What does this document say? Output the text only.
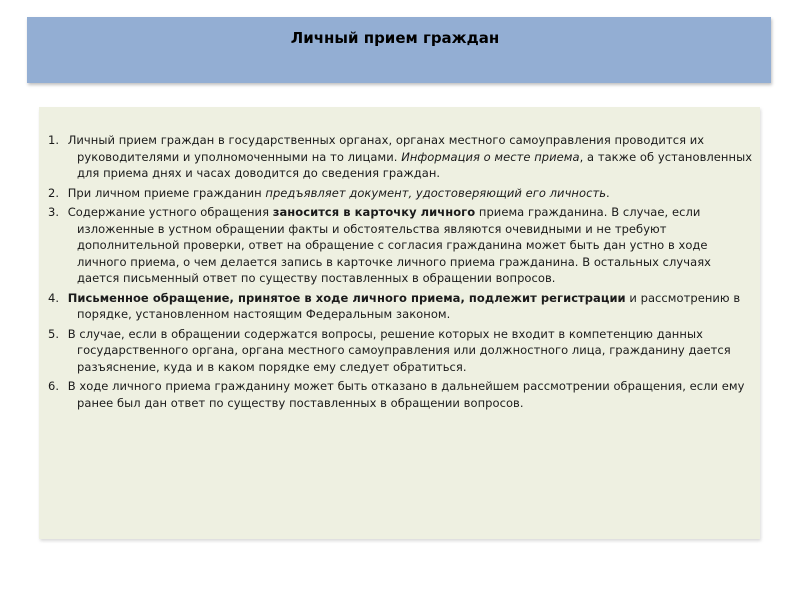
Личный прием граждан
1. Личный прием граждан в государственных органах, органах местного самоуправления проводится их руководителями и уполномоченными на то лицами. Информация о месте приема, а также об установленных для приема днях и часах доводится до сведения граждан.
2. При личном приеме гражданин предъявляет документ, удостоверяющий его личность.
3. Содержание устного обращения заносится в карточку личного приема гражданина. В случае, если изложенные в устном обращении факты и обстоятельства являются очевидными и не требуют дополнительной проверки, ответ на обращение с согласия гражданина может быть дан устно в ходе личного приема, о чем делается запись в карточке личного приема гражданина. В остальных случаях дается письменный ответ по существу поставленных в обращении вопросов.
4. Письменное обращение, принятое в ходе личного приема, подлежит регистрации и рассмотрению в порядке, установленном настоящим Федеральным законом.
5. В случае, если в обращении содержатся вопросы, решение которых не входит в компетенцию данных государственного органа, органа местного самоуправления или должностного лица, гражданину дается разъяснение, куда и в каком порядке ему следует обратиться.
6. В ходе личного приема гражданину может быть отказано в дальнейшем рассмотрении обращения, если ему ранее был дан ответ по существу поставленных в обращении вопросов.
